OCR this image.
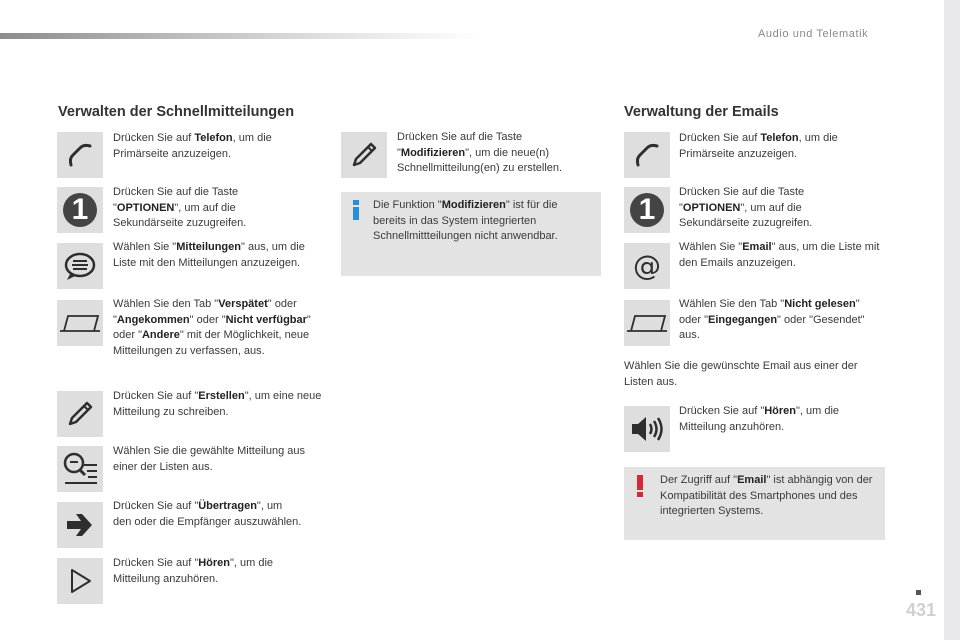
Audio und Telematik
Verwalten der Schnellmitteilungen
Drücken Sie auf Telefon, um die Primärseite anzuzeigen.
1
Drücken Sie auf die Taste "OPTIONEN", um auf die Sekundärseite zuzugreifen.
Wählen Sie "Mitteilungen" aus, um die Liste mit den Mitteilungen anzuzeigen.
Wählen Sie den Tab "Verspätet" oder "Angekommen" oder "Nicht verfügbar" oder "Andere" mit der Möglichkeit, neue Mitteilungen zu verfassen, aus.
Drücken Sie auf "Erstellen", um eine neue Mitteilung zu schreiben.
Wählen Sie die gewählte Mitteilung aus einer der Listen aus.
Drücken Sie auf "Übertragen", um den oder die Empfänger auszuwählen.
Drücken Sie auf "Hören", um die Mitteilung anzuhören.
Drücken Sie auf die Taste "Modifizieren", um die neue(n) Schnellmitteilung(en) zu erstellen.
Die Funktion "Modifizieren" ist für die bereits in das System integrierten Schnellmittteilungen nicht anwendbar.
Verwaltung der Emails
Drücken Sie auf Telefon, um die Primärseite anzuzeigen.
1
Drücken Sie auf die Taste "OPTIONEN", um auf die Sekundärseite zuzugreifen.
@
Wählen Sie "Email" aus, um die Liste mit den Emails anzuzeigen.
Wählen Sie den Tab "Nicht gelesen" oder "Eingegangen" oder "Gesendet" aus.
Wählen Sie die gewünschte Email aus einer der Listen aus.
Drücken Sie auf "Hören", um die Mitteilung anzuhören.
Der Zugriff auf "Email" ist abhängig von der Kompatibilität des Smartphones und des integrierten Systems.
431
